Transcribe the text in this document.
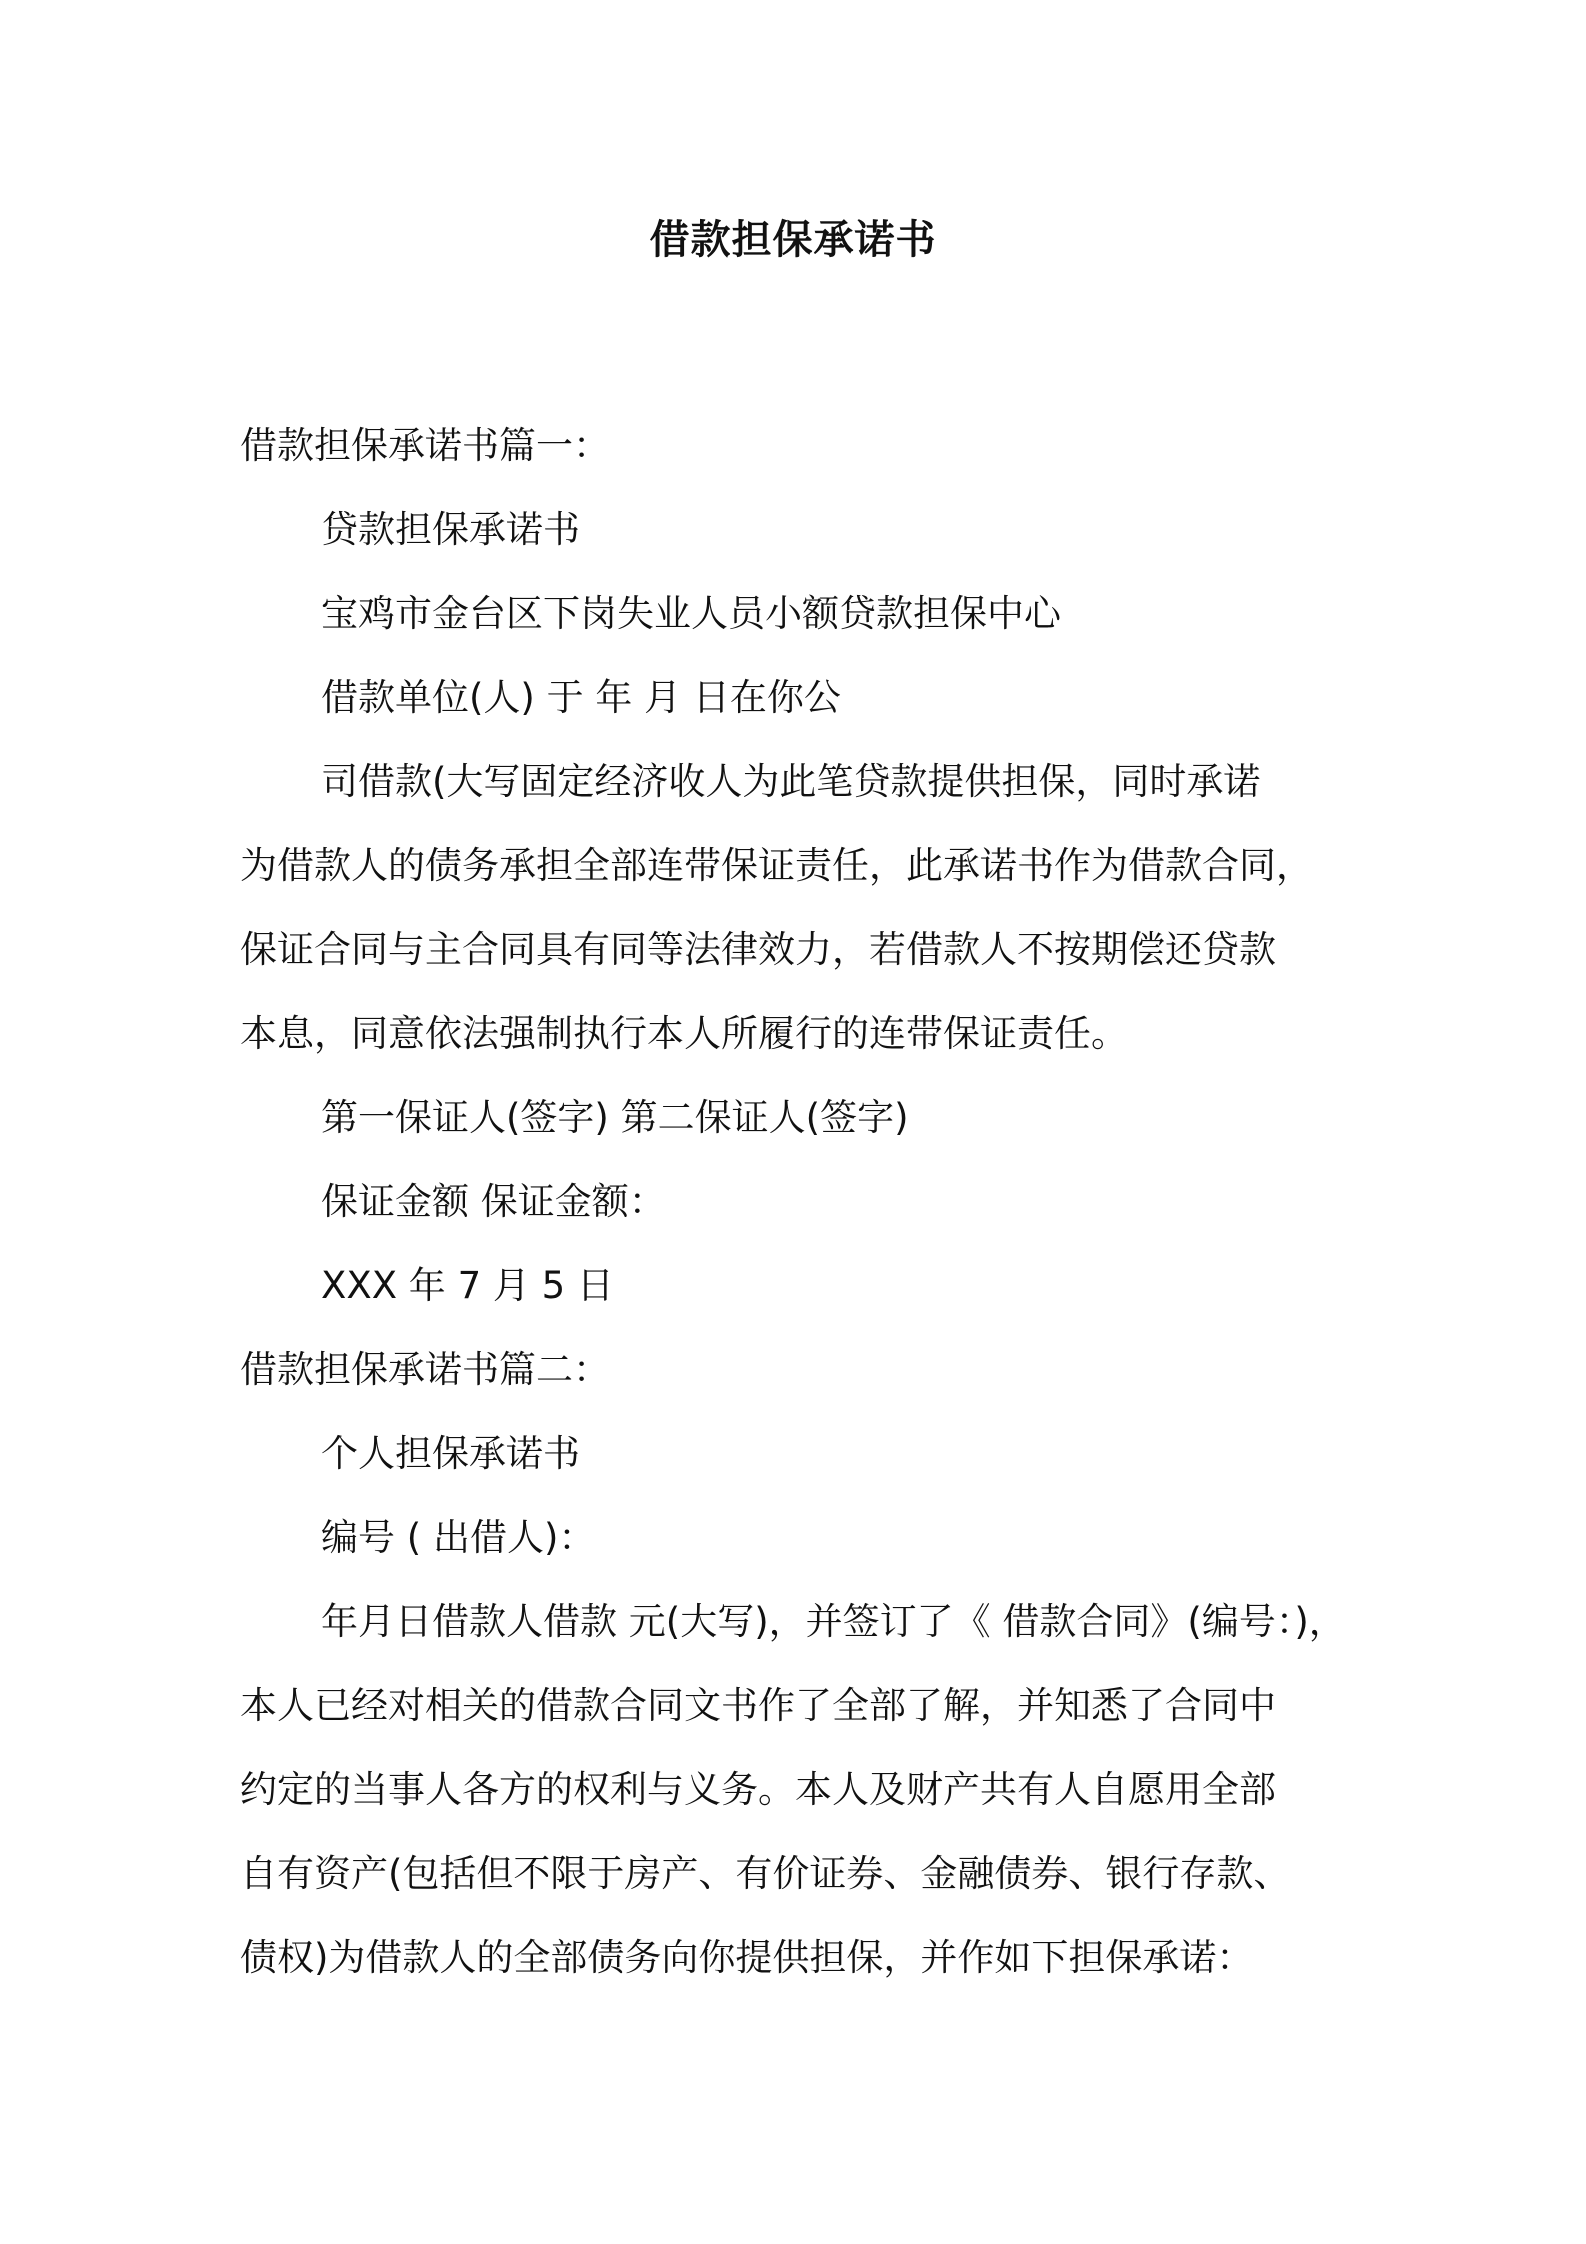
借款担保承诺书

借款担保承诺书篇一：

贷款担保承诺书

宝鸡市金台区下岗失业人员小额贷款担保中心

借款单位(人) 于 年 月 日在你公

司借款(大写固定经济收人为此笔贷款提供担保，同时承诺

为借款人的债务承担全部连带保证责任，此承诺书作为借款合同，

保证合同与主合同具有同等法律效力，若借款人不按期偿还贷款

本息，同意依法强制执行本人所履行的连带保证责任。

第一保证人(签字) 第二保证人(签字)

保证金额 保证金额：

XXX 年 7 月 5 日

借款担保承诺书篇二：

个人担保承诺书

编号 ( 出借人)：

年月日借款人借款 元(大写)，并签订了《 借款合同》(编号：)，

本人已经对相关的借款合同文书作了全部了解，并知悉了合同中

约定的当事人各方的权利与义务。本人及财产共有人自愿用全部

自有资产(包括但不限于房产、有价证券、金融债券、银行存款、

债权)为借款人的全部债务向你提供担保，并作如下担保承诺：
